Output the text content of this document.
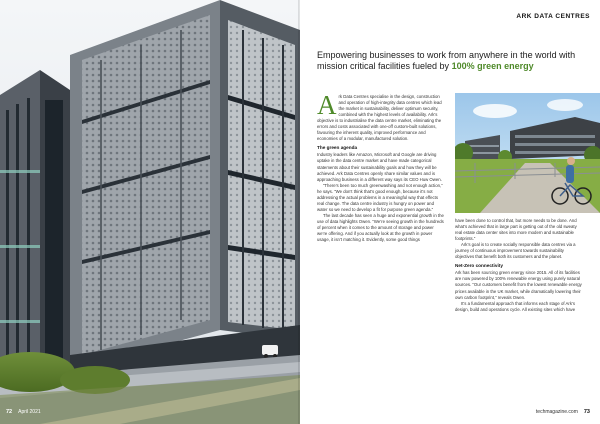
72 April 2021
ARK DATA CENTRES
Empowering businesses to work from anywhere in the world with mission critical facilities fueled by 100% green energy
A rk Data Centres specialise in the design, construction and operation of high-integrity data centres which lead the market in sustainability, deliver optimum security, combined with the highest levels of availability. Ark’s objective is to industrialise the data centre market, eliminating the errors and costs associated with one-off custom-built solutions, favouring the inherent quality, improved performance and economies of a modular, manufactured solution.
The green agenda

Industry leaders like Amazon, Microsoft and Google are driving uptake in the data centre market and have made categorical statements about their sustainability goals and how they will be achieved. Ark Data Centres openly share similar values and is approaching business in a different way says its CEO Huw Owen.

“There’s been too much greenwashing and not enough action,” he says. “We don’t think that’s good enough, because it’s not addressing the actual problems in a meaningful way that effects real change. The data centre industry is hungry on power and water so we need to develop a fit for purpose green agenda.”

The last decade has seen a huge and exponential growth in the use of data highlights Owen. “We’re seeing growth in the hundreds of percent when it comes to the amount of storage and power we’re offering. And if you actually look at the growth in power usage, it isn’t matching it. Evidently, some good things

have been done to control that, but more needs to be done. And what’s achieved that in large part is getting out of the old sweaty real estate data center sites into more modern and sustainable footprints.”

Ark’s goal is to create socially responsible data centres via a journey of continuous improvement towards sustainability objectives that benefit both its customers and the planet.

Net-Zero connectivity

Ark has been sourcing green energy since 2015. All of its facilities are now powered by 100% renewable energy using purely natural sources. “Our customers benefit from the lowest renewable energy prices available in the UK market, while dramatically lowering their own carbon footprint,” reveals Owen.

It’s a fundamental approach that informs each stage of Ark’s design, build and operations cycle. All existing sites which have

techmagazine.com 73
